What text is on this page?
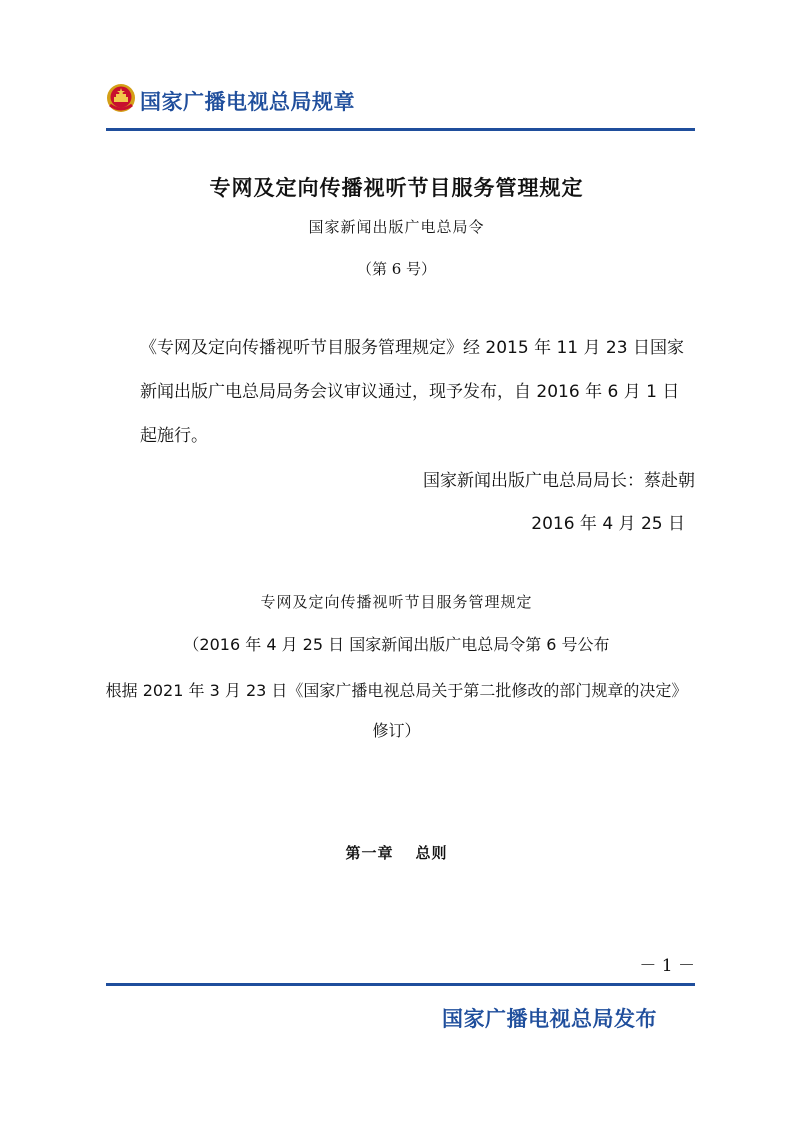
国家广播电视总局规章
专网及定向传播视听节目服务管理规定
国家新闻出版广电总局令
（第 6 号）
《专网及定向传播视听节目服务管理规定》经 2015 年 11 月 23 日国家新闻出版广电总局局务会议审议通过，现予发布，自 2016 年 6 月 1 日起施行。
国家新闻出版广电总局局长：蔡赴朝
2016 年 4 月 25 日
专网及定向传播视听节目服务管理规定
（2016 年 4 月 25 日 国家新闻出版广电总局令第 6 号公布
根据 2021 年 3 月 23 日《国家广播电视总局关于第二批修改的部门规章的决定》
修订）
第一章 总则
－ 1 －
国家广播电视总局发布
